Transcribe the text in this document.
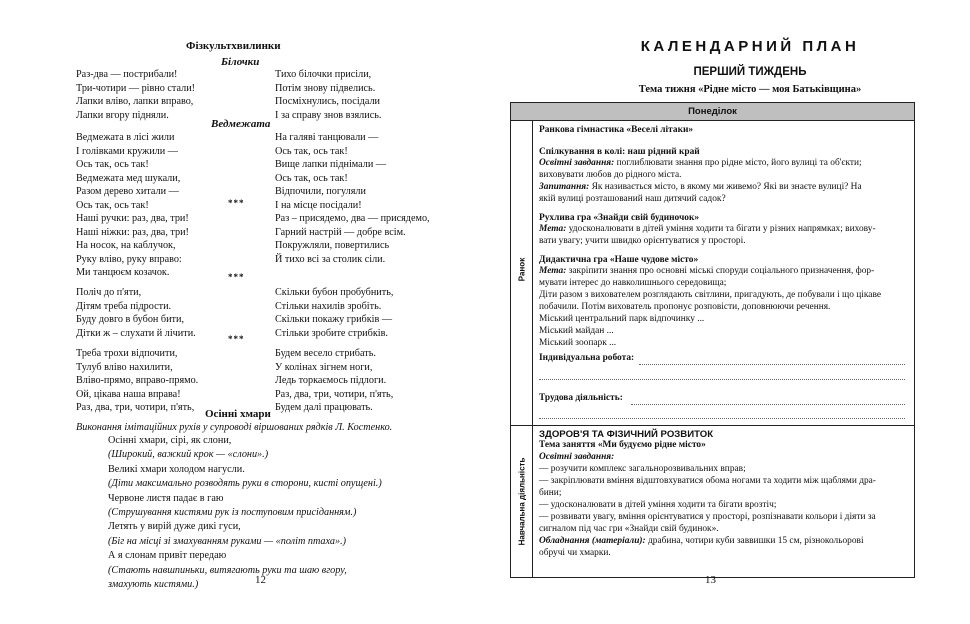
Фізкультхвилинки
Білочки
Раз-два — пострибали!
Три-чотири — рівно стали!
Лапки вліво, лапки вправо,
Лапки вгору підняли.
Тихо білочки присіли,
Потім знову підвелись.
Посміхнулись, посідали
І за справу знов взялись.
Ведмежата
Ведмежата в лісі жили
І голівками кружили —
Ось так, ось так!
Ведмежата мед шукали,
Разом дерево хитали —
Ось так, ось так!
На галяві танцювали —
Ось так, ось так!
Вище лапки піднімали —
Ось так, ось так!
Відпочили, погуляли
І на місце посідали!
***
Наші ручки: раз, два, три!
Наші ніжки: раз, два, три!
На носок, на каблучок,
Руку вліво, руку вправо:
Ми танцюєм козачок.
Раз – присядемо, два — присядемо,
Гарний настрій — добре всім.
Покружляли, повертились
Й тихо всі за столик сіли.
***
Поліч до п'яти,
Дітям треба підрости.
Буду довго в бубон бити,
Дітки ж – слухати й лічити.
Скільки бубон пробубнить,
Стільки нахилів зробіть.
Скільки покажу грибків —
Стільки зробите стрибків.
***
Треба трохи відпочити,
Тулуб вліво нахилити,
Вліво-прямо, вправо-прямо.
Ой, цікава наша вправа!
Раз, два, три, чотири, п'ять,
Будем весело стрибать.
У колінах зігнем ноги,
Ледь торкаємось підлоги.
Раз, два, три, чотири, п'ять,
Будем далі працювать.
Осінні хмари
Виконання імітаційних рухів у супроводі віршованих рядків Л. Костенко.
Осінні хмари, сірі, як слони,
(Широкий, важкий крок — «слони».)
Великі хмари холодом нагусли.
(Діти максимально розводять руки в сторони, кисті опущені.)
Червоне листя падає в гаю
(Струшування кистями рук із поступовим присіданням.)
Летять у вирій дуже дикі гуси,
(Біг на місці зі змахуванням руками — «політ птаха».)
А я слонам привіт передаю
(Стають навшпиньки, витягають руки та шаю вгору,
змахують кистями.)	12
КАЛЕНДАРНИЙ ПЛАН
ПЕРШИЙ ТИЖДЕНЬ
Тема тижня «Рідне місто — моя Батьківщина»
Понеділок
Ранок
Навчальна діяльність
Ранкова гімнастика «Веселі літаки»
Спілкування в колі: наш рідний край
Освітні завдання: поглиблювати знання про рідне місто, його вулиці та об'єкти;
виховувати любов до рідного міста.
Запитання: Як називається місто, в якому ми живемо? Які ви знаєте вулиці? На
якій вулиці розташований наш дитячий садок?
Рухлива гра «Знайди свій будиночок»
Мета: удосконалювати в дітей уміння ходити та бігати у різних напрямках; вихову-
вати увагу; учити швидко орієнтуватися у просторі.
Дидактична гра «Наше чудове місто»
Мета: закріпити знання про основні міські споруди соціального призначення, фор-
мувати інтерес до навколишнього середовища;
Діти разом з вихователем розглядають світлини, пригадують, де побували і що цікаве
побачили. Потім вихователь пропонує розповісти, доповнюючи речення.
Міський центральний парк відпочинку ...
Міський майдан ...
Міський зоопарк ...
Індивідуальна робота:
Трудова діяльність:
ЗДОРОВ'Я ТА ФІЗИЧНИЙ РОЗВИТОК
Тема заняття «Ми будуємо рідне місто»
Освітні завдання:
— розучити комплекс загальнорозвивальних вправ;
— закріплювати вміння відштовхуватися обома ногами та ходити між щаблями дра-
бини;
— удосконалювати в дітей уміння ходити та бігати врозтіч;
— розвивати увагу, вміння орієнтуватися у просторі, розпізнавати кольори і діяти за
сигналом під час гри «Знайди свій будинок».
Обладнання (матеріали): драбина, чотири куби заввишки 15 см, різнокольорові
обручі чи хмарки.
13
